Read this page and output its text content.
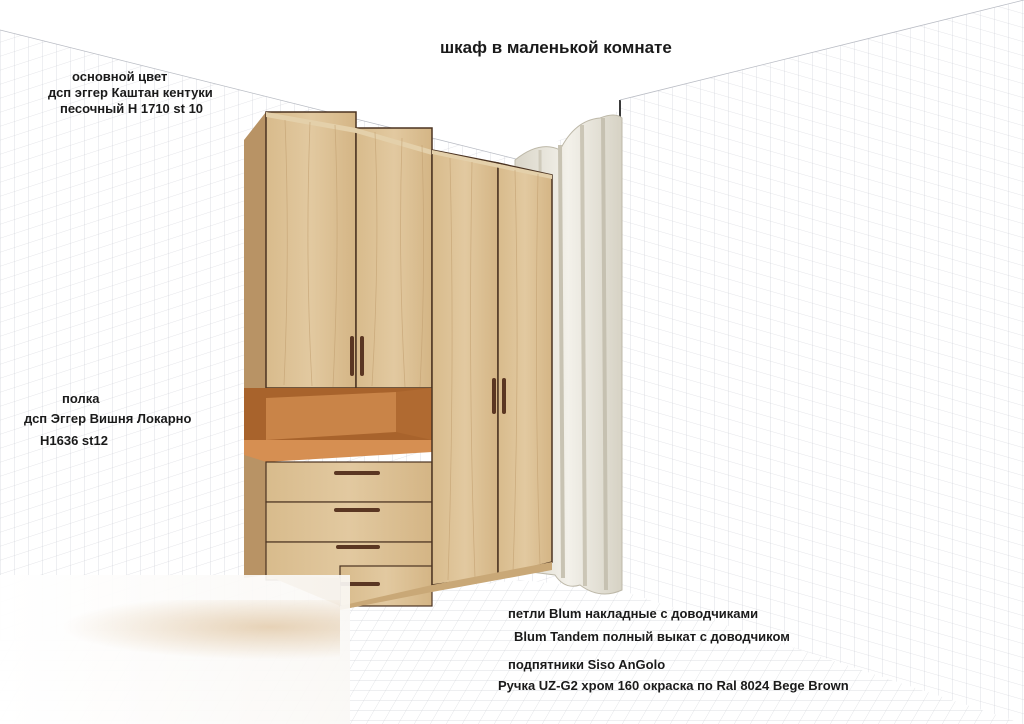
шкаф в маленькой комнате
основной цвет
дсп эггер Каштан кентуки
песочный H 1710 st 10
полка
дсп Эггер Вишня Локарно
H1636 st12
петли Blum накладные с доводчиками
Blum Tandem полный выкат с доводчиком
подпятники Siso AnGolo
Ручка UZ-G2 хром 160 окраска по Ral 8024 Bege Brown
